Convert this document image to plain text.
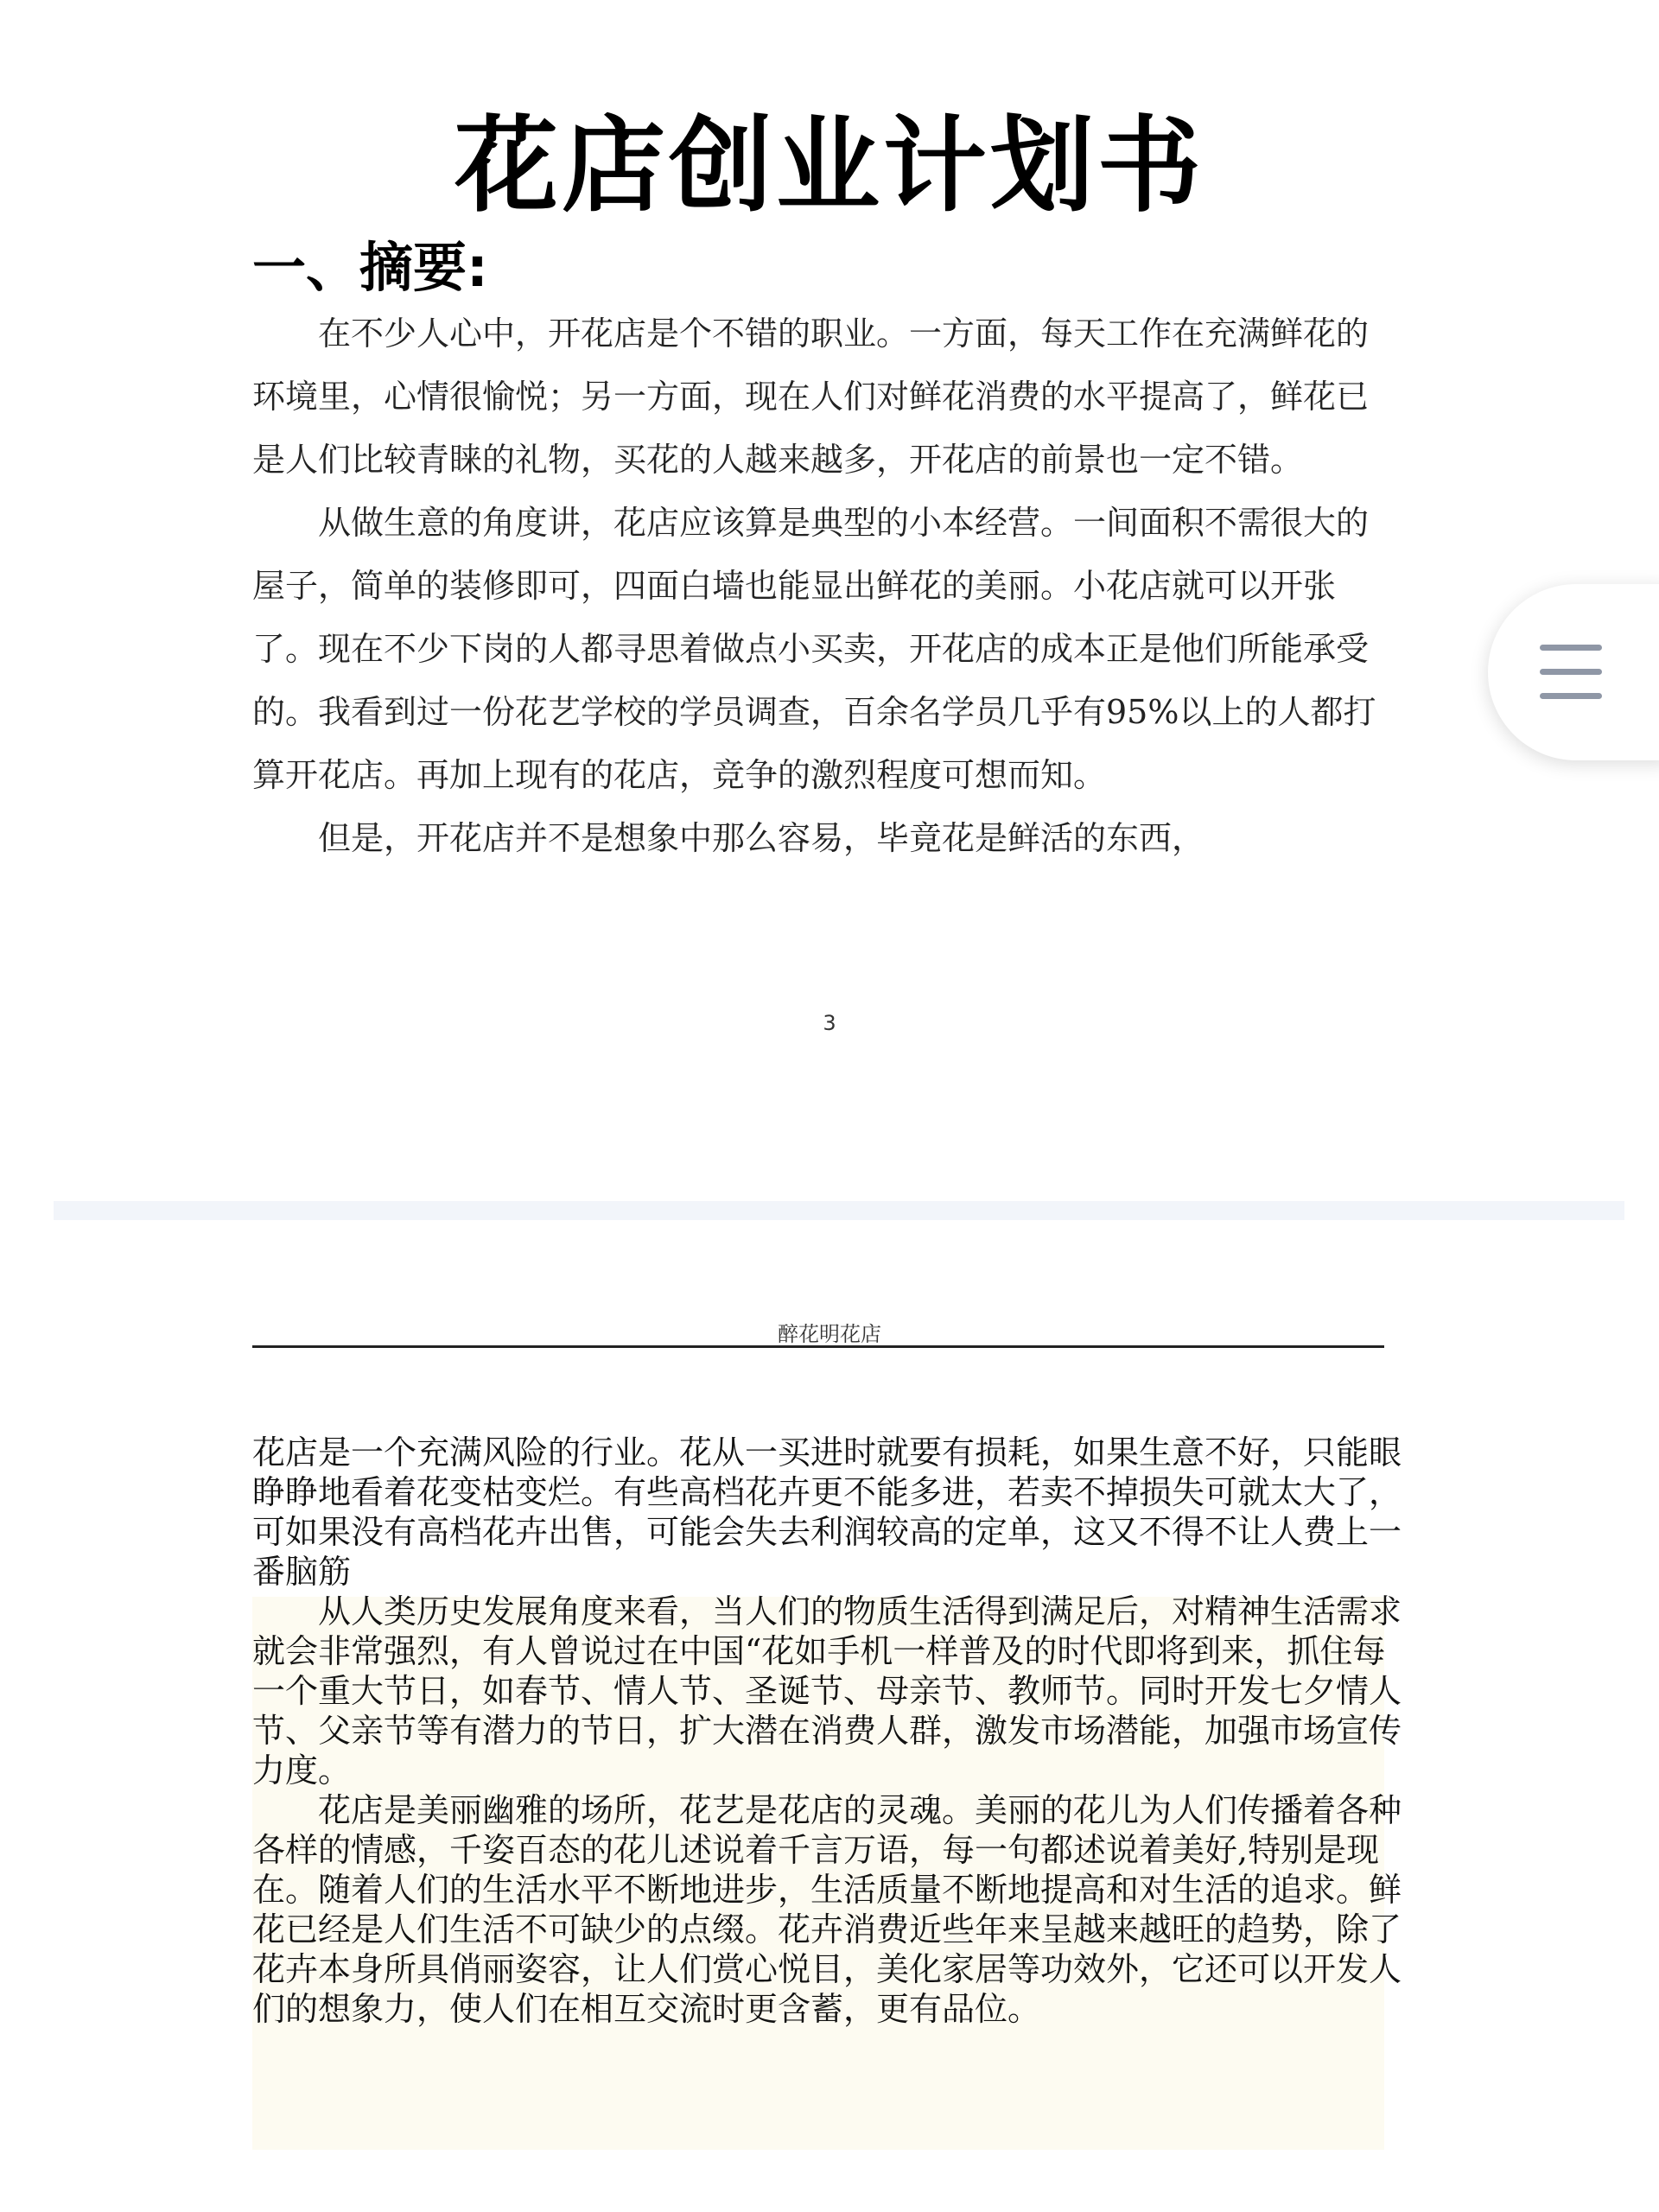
花店创业计划书
一、摘要:

在不少人心中，开花店是个不错的职业。一方面，每天工作在充满鲜花的环境里，心情很愉悦；另一方面，现在人们对鲜花消费的水平提高了，鲜花已是人们比较青睐的礼物，买花的人越来越多，开花店的前景也一定不错。

从做生意的角度讲，花店应该算是典型的小本经营。一间面积不需很大的屋子，简单的装修即可，四面白墙也能显出鲜花的美丽。小花店就可以开张了。现在不少下岗的人都寻思着做点小买卖，开花店的成本正是他们所能承受的。我看到过一份花艺学校的学员调查，百余名学员几乎有95%以上的人都打算开花店。再加上现有的花店，竞争的激烈程度可想而知。

但是，开花店并不是想象中那么容易，毕竟花是鲜活的东西，

3
醉花明花店

花店是一个充满风险的行业。花从一买进时就要有损耗，如果生意不好，只能眼睁睁地看着花变枯变烂。有些高档花卉更不能多进，若卖不掉损失可就太大了，可如果没有高档花卉出售，可能会失去利润较高的定单，这又不得不让人费上一番脑筋

从人类历史发展角度来看，当人们的物质生活得到满足后，对精神生活需求就会非常强烈，有人曾说过在中国“花如手机一样普及的时代即将到来，抓住每一个重大节日，如春节、情人节、圣诞节、母亲节、教师节。同时开发七夕情人节、父亲节等有潜力的节日，扩大潜在消费人群，激发市场潜能，加强市场宣传力度。

花店是美丽幽雅的场所，花艺是花店的灵魂。美丽的花儿为人们传播着各种各样的情感，千姿百态的花儿述说着千言万语，每一句都述说着美好,特别是现在。随着人们的生活水平不断地进步，生活质量不断地提高和对生活的追求。鲜花已经是人们生活不可缺少的点缀。花卉消费近些年来呈越来越旺的趋势，除了花卉本身所具俏丽姿容，让人们赏心悦目，美化家居等功效外，它还可以开发人们的想象力，使人们在相互交流时更含蓄，更有品位。
